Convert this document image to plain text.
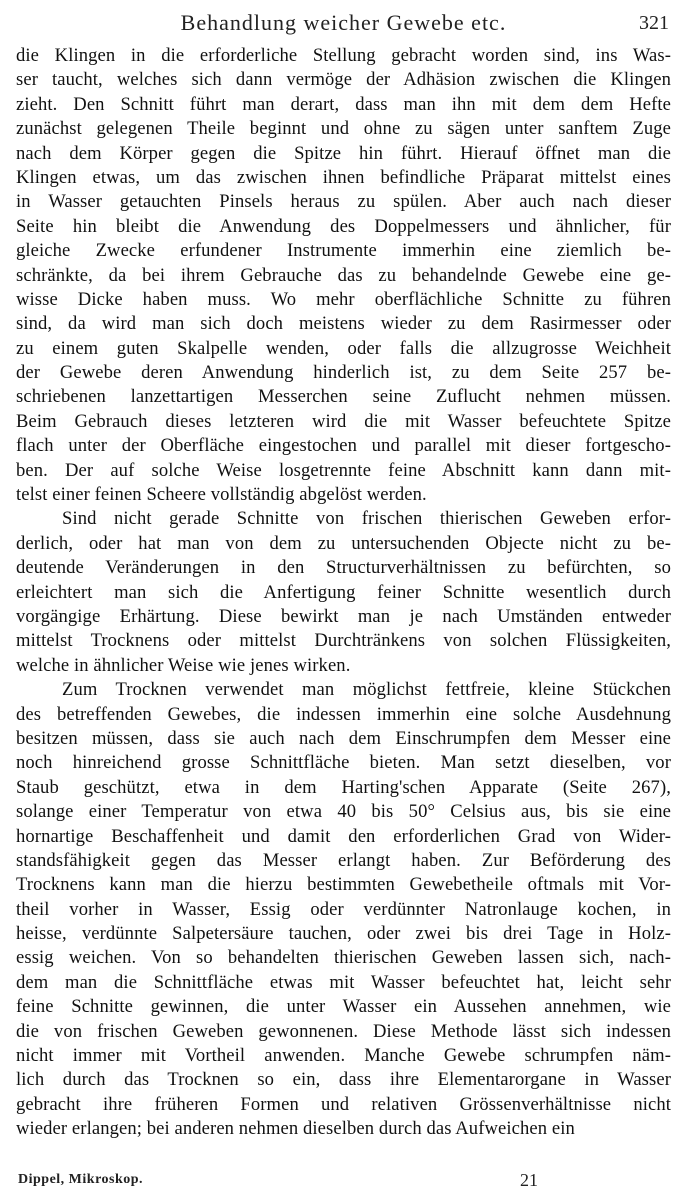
Behandlung weicher Gewebe etc.	321
die Klingen in die erforderliche Stellung gebracht worden sind, ins Was-
ser taucht, welches sich dann vermöge der Adhäsion zwischen die Klingen
zieht. Den Schnitt führt man derart, dass man ihn mit dem dem Hefte
zunächst gelegenen Theile beginnt und ohne zu sägen unter sanftem Zuge
nach dem Körper gegen die Spitze hin führt. Hierauf öffnet man die
Klingen etwas, um das zwischen ihnen befindliche Präparat mittelst eines
in Wasser getauchten Pinsels heraus zu spülen. Aber auch nach dieser
Seite hin bleibt die Anwendung des Doppelmessers und ähnlicher, für
gleiche Zwecke erfundener Instrumente immerhin eine ziemlich be-
schränkte, da bei ihrem Gebrauche das zu behandelnde Gewebe eine ge-
wisse Dicke haben muss. Wo mehr oberflächliche Schnitte zu führen
sind, da wird man sich doch meistens wieder zu dem Rasirmesser oder
zu einem guten Skalpelle wenden, oder falls die allzugrosse Weichheit
der Gewebe deren Anwendung hinderlich ist, zu dem Seite 257 be-
schriebenen lanzettartigen Messerchen seine Zuflucht nehmen müssen.
Beim Gebrauch dieses letzteren wird die mit Wasser befeuchtete Spitze
flach unter der Oberfläche eingestochen und parallel mit dieser fortgescho-
ben. Der auf solche Weise losgetrennte feine Abschnitt kann dann mit-
telst einer feinen Scheere vollständig abgelöst werden.
Sind nicht gerade Schnitte von frischen thierischen Geweben erfor-
derlich, oder hat man von dem zu untersuchenden Objecte nicht zu be-
deutende Veränderungen in den Structurverhältnissen zu befürchten, so
erleichtert man sich die Anfertigung feiner Schnitte wesentlich durch
vorgängige Erhärtung. Diese bewirkt man je nach Umständen entweder
mittelst Trocknens oder mittelst Durchtränkens von solchen Flüssigkeiten,
welche in ähnlicher Weise wie jenes wirken.
Zum Trocknen verwendet man möglichst fettfreie, kleine Stückchen
des betreffenden Gewebes, die indessen immerhin eine solche Ausdehnung
besitzen müssen, dass sie auch nach dem Einschrumpfen dem Messer eine
noch hinreichend grosse Schnittfläche bieten. Man setzt dieselben, vor
Staub geschützt, etwa in dem Harting'schen Apparate (Seite 267),
solange einer Temperatur von etwa 40 bis 50° Celsius aus, bis sie eine
hornartige Beschaffenheit und damit den erforderlichen Grad von Wider-
standsfähigkeit gegen das Messer erlangt haben. Zur Beförderung des
Trocknens kann man die hierzu bestimmten Gewebetheile oftmals mit Vor-
theil vorher in Wasser, Essig oder verdünnter Natronlauge kochen, in
heisse, verdünnte Salpetersäure tauchen, oder zwei bis drei Tage in Holz-
essig weichen. Von so behandelten thierischen Geweben lassen sich, nach-
dem man die Schnittfläche etwas mit Wasser befeuchtet hat, leicht sehr
feine Schnitte gewinnen, die unter Wasser ein Aussehen annehmen, wie
die von frischen Geweben gewonnenen. Diese Methode lässt sich indessen
nicht immer mit Vortheil anwenden. Manche Gewebe schrumpfen näm-
lich durch das Trocknen so ein, dass ihre Elementarorgane in Wasser
gebracht ihre früheren Formen und relativen Grössenverhältnisse nicht
wieder erlangen; bei anderen nehmen dieselben durch das Aufweichen ein
Dippel, Mikroskop.	21
